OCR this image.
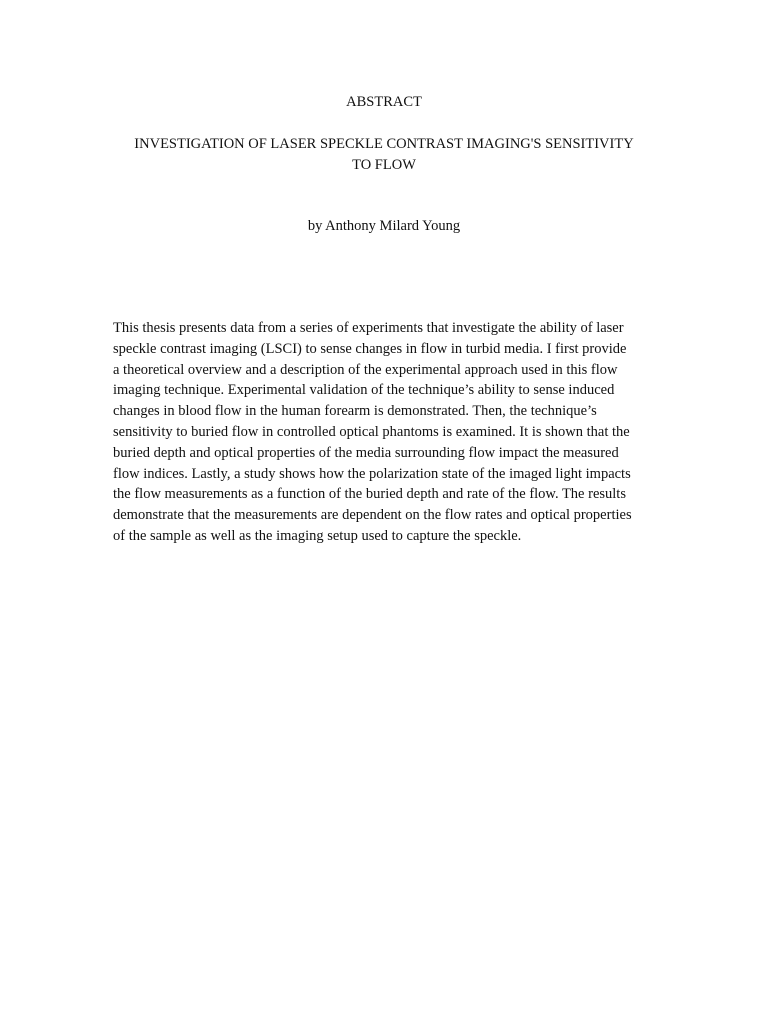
ABSTRACT
INVESTIGATION OF LASER SPECKLE CONTRAST IMAGING'S SENSITIVITY
TO FLOW

by Anthony Milard Young

This thesis presents data from a series of experiments that investigate the ability of laser
speckle contrast imaging (LSCI) to sense changes in flow in turbid media. I first provide
a theoretical overview and a description of the experimental approach used in this flow
imaging technique. Experimental validation of the technique’s ability to sense induced
changes in blood flow in the human forearm is demonstrated. Then, the technique’s
sensitivity to buried flow in controlled optical phantoms is examined. It is shown that the
buried depth and optical properties of the media surrounding flow impact the measured
flow indices. Lastly, a study shows how the polarization state of the imaged light impacts
the flow measurements as a function of the buried depth and rate of the flow. The results
demonstrate that the measurements are dependent on the flow rates and optical properties
of the sample as well as the imaging setup used to capture the speckle.
